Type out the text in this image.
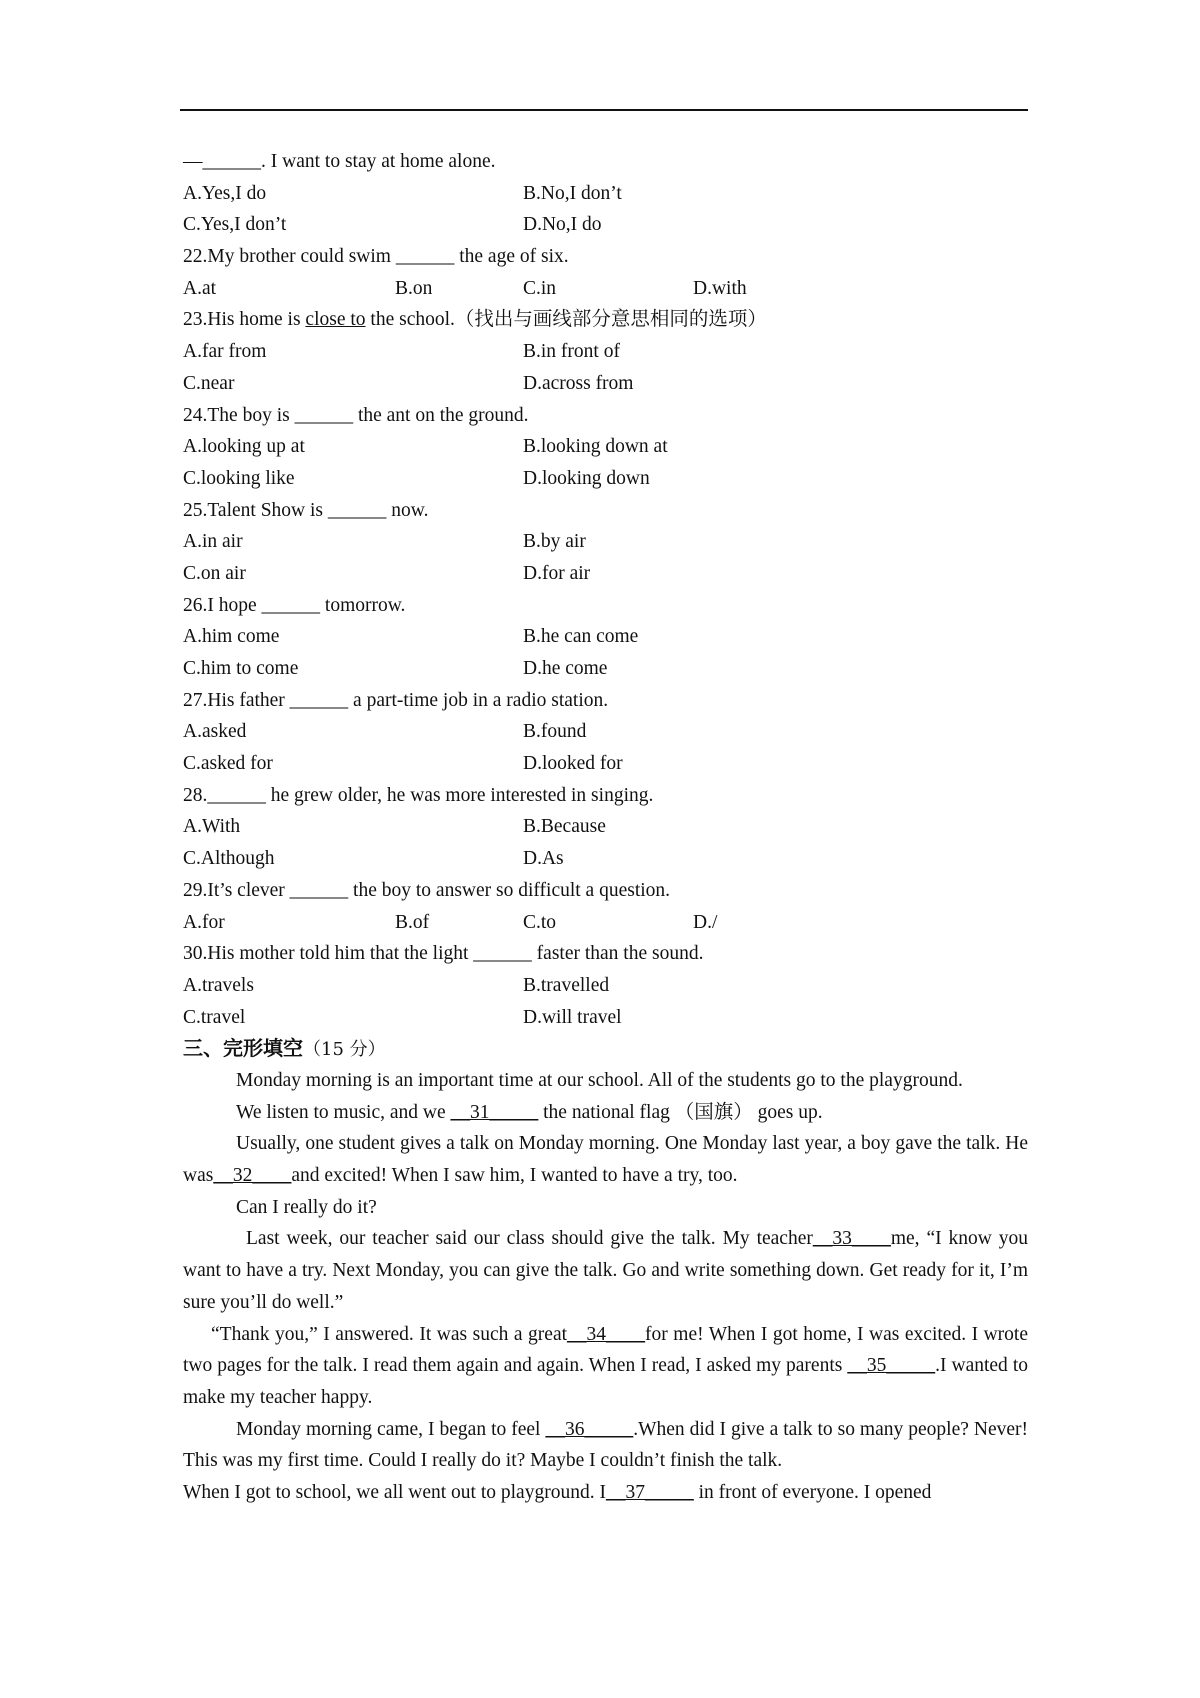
—______. I want to stay at home alone.
A.Yes,I do	B.No,I don’t
C.Yes,I don’t	D.No,I do
22.My brother could swim ______ the age of six.
A.at	B.on	C.in	D.with
23.His home is close to the school.（找出与画线部分意思相同的选项）
A.far from	B.in front of
C.near	D.across from
24.The boy is ______ the ant on the ground.
A.looking up at	B.looking down at
C.looking like	D.looking down
25.Talent Show is ______ now.
A.in air	B.by air
C.on air	D.for air
26.I hope ______ tomorrow.
A.him come	B.he can come
C.him to come	D.he come
27.His father ______ a part-time job in a radio station.
A.asked	B.found
C.asked for	D.looked for
28.______ he grew older, he was more interested in singing.
A.With	B.Because
C.Although	D.As
29.It’s clever ______ the boy to answer so difficult a question.
A.for	B.of	C.to	D./
30.His mother told him that the light ______ faster than the sound.
A.travels	B.travelled
C.travel	D.will travel
三、完形填空（15 分）
Monday morning is an important time at our school. All of the students go to the playground.
We listen to music, and we __31_____ the national flag （国旗） goes up.
Usually, one student gives a talk on Monday morning. One Monday last year, a boy gave the talk. He was__32____and excited! When I saw him, I wanted to have a try, too.
Can I really do it?
Last week, our teacher said our class should give the talk. My teacher__33____me, “I know you want to have a try. Next Monday, you can give the talk. Go and write something down. Get ready for it, I’m sure you’ll do well.”
“Thank you,” I answered. It was such a great__34____for me! When I got home, I was excited. I wrote two pages for the talk. I read them again and again. When I read, I asked my parents __35_____.I wanted to make my teacher happy.
Monday morning came, I began to feel __36_____.When did I give a talk to so many people? Never! This was my first time. Could I really do it? Maybe I couldn’t finish the talk.
When I got to school, we all went out to playground. I__37_____ in front of everyone. I opened
